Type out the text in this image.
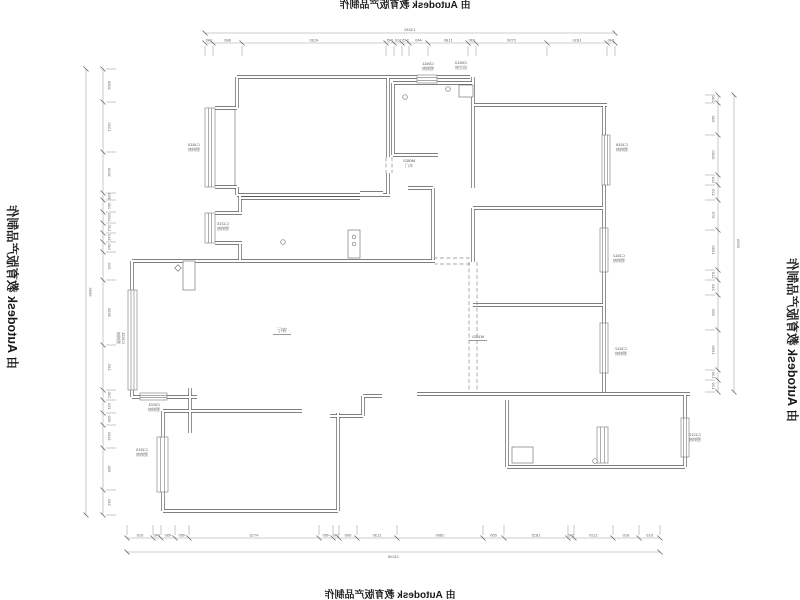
240
1810
2790
230
1180
440
245
110
245
4130
880
240
13245
610
810
1120
240
1815
650
2890
1130
600
240
450
4715
450
450
240
810
13245
240
940
3160
110
120
570
1630
110
240
590
1630
130
120
9590
1060
1310
1940
350
240
1150
120
310
240
910
3530
140
240
150
950
1140
600
240
9965
客厅
C1815
塑钢窗
C1215
塑钢窗
C1521
塑钢窗
C0611
塑钢窗
C0613
固定窗
C1518
塑钢窗
C1512
塑钢窗
C1512
塑钢窗
C1212
塑钢窗
C1515
塑钢窗
C0921
塑钢窗
M0821
木门
M1021
由 Autodesk 教育版产品制作
由 Autodesk 教育版产品制作
由 Autodesk 教育版产品制作
由 Autodesk 教育版产品制作
